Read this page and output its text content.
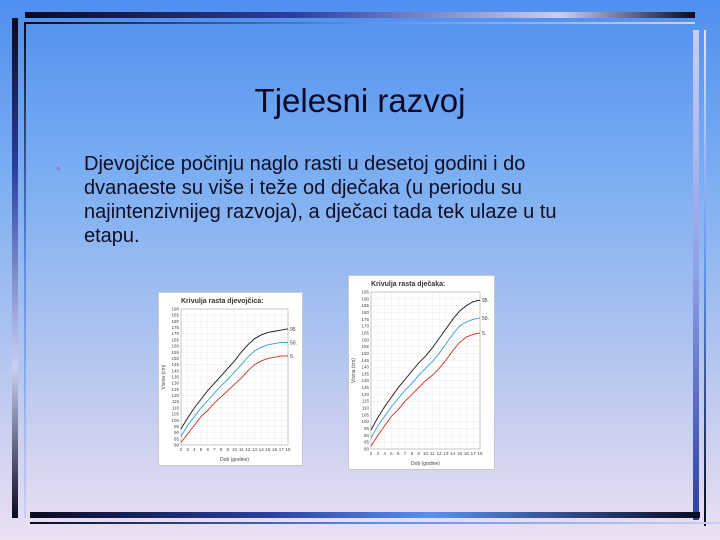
Tjelesni razvoj
• Djevojčice počinju naglo rasti u desetoj godini i do dvanaeste su više i teže od dječaka (u periodu su najintenzivnijeg razvoja), a dječaci tada tek ulaze u tu etapu.
Krivulja rasta djevojčica:
80
85
90
95
100
105
110
115
120
125
130
135
140
145
150
155
160
165
170
175
180
185
190
2 3 4 5 6 7 8 9 10 11 12 13 14 15 16 17 18
Dob (godine)
Visina (cm)
95
50.
5.
Krivulja rasta dječaka:
80
85
90
95
100
105
110
115
120
125
130
135
140
145
150
155
160
165
170
175
180
185
190
195
2 3 4 5 6 7 8 9 10 11 12 13 14 15 16 17 18
Dob (godine)
Visina (cm)
95.
50.
5.
